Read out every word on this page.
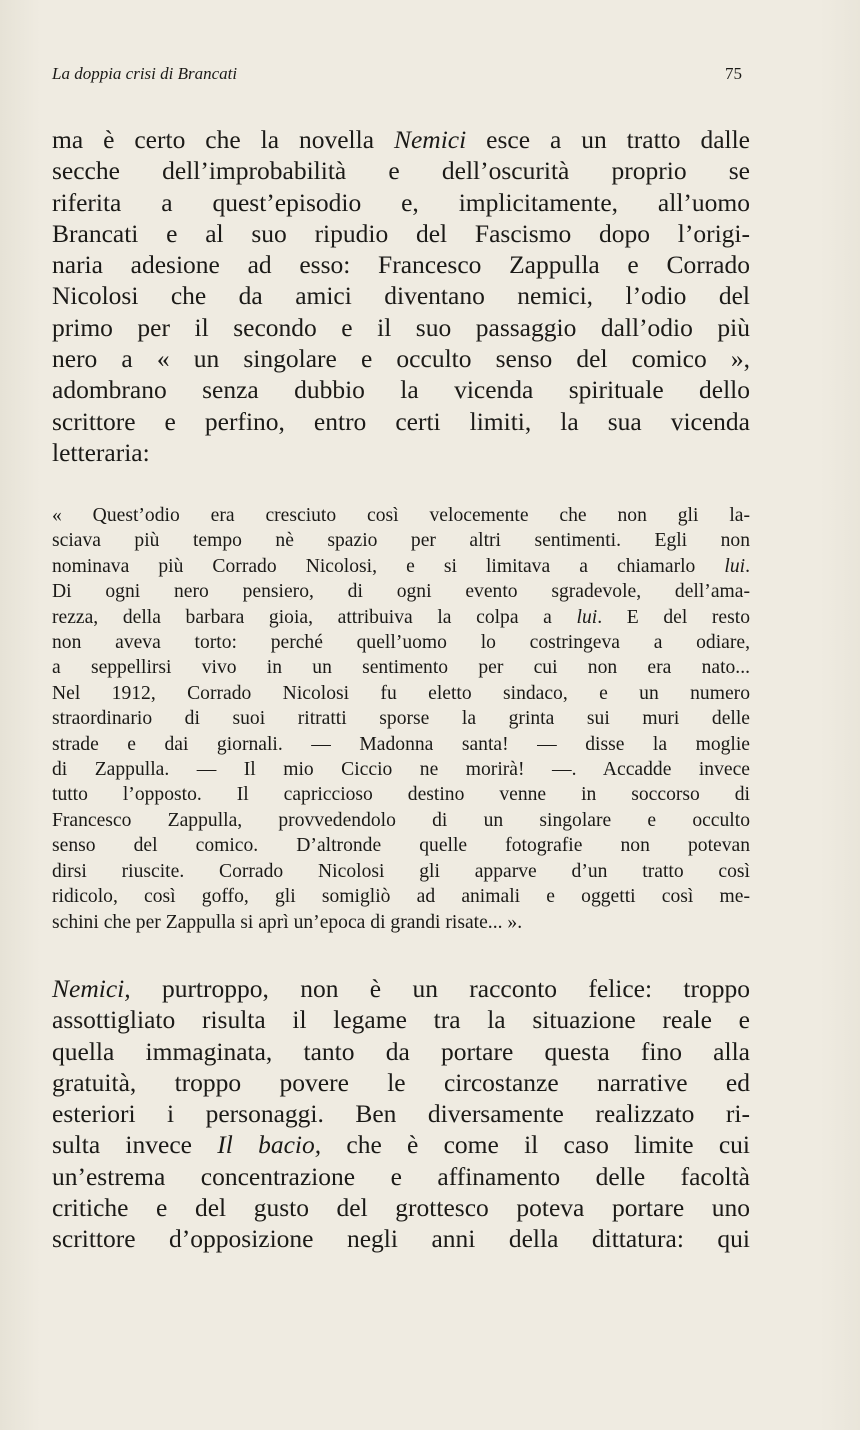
La doppia crisi di Brancati	75
ma è certo che la novella Nemici esce a un tratto dalle
secche dell’improbabilità e dell’oscurità proprio se
riferita a quest’episodio e, implicitamente, all’uomo
Brancati e al suo ripudio del Fascismo dopo l’origi-
naria adesione ad esso: Francesco Zappulla e Corrado
Nicolosi che da amici diventano nemici, l’odio del
primo per il secondo e il suo passaggio dall’odio più
nero a « un singolare e occulto senso del comico »,
adombrano senza dubbio la vicenda spirituale dello
scrittore e perfino, entro certi limiti, la sua vicenda
letteraria:
« Quest’odio era cresciuto così velocemente che non gli la-
sciava più tempo nè spazio per altri sentimenti. Egli non
nominava più Corrado Nicolosi, e si limitava a chiamarlo lui.
Di ogni nero pensiero, di ogni evento sgradevole, dell’ama-
rezza, della barbara gioia, attribuiva la colpa a lui. E del resto
non aveva torto: perché quell’uomo lo costringeva a odiare,
a seppellirsi vivo in un sentimento per cui non era nato...
Nel 1912, Corrado Nicolosi fu eletto sindaco, e un numero
straordinario di suoi ritratti sporse la grinta sui muri delle
strade e dai giornali. — Madonna santa! — disse la moglie
di Zappulla. — Il mio Ciccio ne morirà! —. Accadde invece
tutto l’opposto. Il capriccioso destino venne in soccorso di
Francesco Zappulla, provvedendolo di un singolare e occulto
senso del comico. D’altronde quelle fotografie non potevan
dirsi riuscite. Corrado Nicolosi gli apparve d’un tratto così
ridicolo, così goffo, gli somigliò ad animali e oggetti così me-
schini che per Zappulla si aprì un’epoca di grandi risate... ».
Nemici, purtroppo, non è un racconto felice: troppo
assottigliato risulta il legame tra la situazione reale e
quella immaginata, tanto da portare questa fino alla
gratuità, troppo povere le circostanze narrative ed
esteriori i personaggi. Ben diversamente realizzato ri-
sulta invece Il bacio, che è come il caso limite cui
un’estrema concentrazione e affinamento delle facoltà
critiche e del gusto del grottesco poteva portare uno
scrittore d’opposizione negli anni della dittatura: qui
